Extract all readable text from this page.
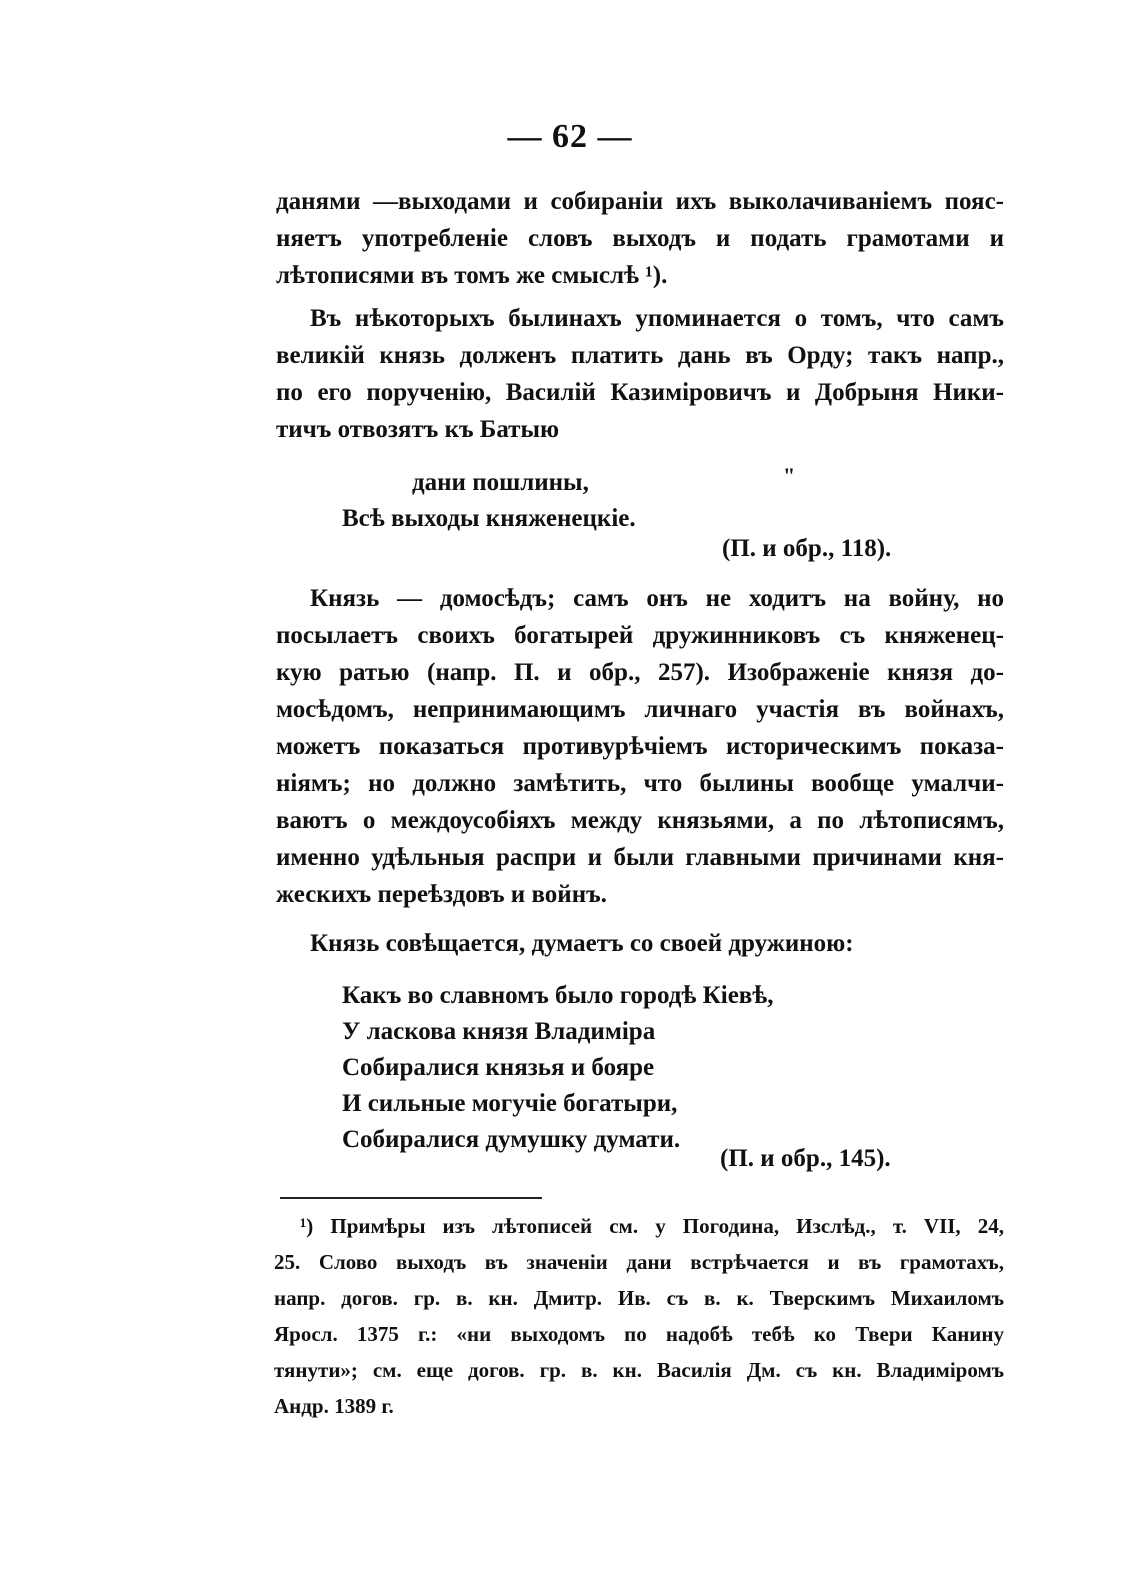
— 62 —

данями —выходами и собираніи ихъ выколачиваніемъ пояс-
няетъ употребленіе словъ выходъ и подать грамотами и
лѣтописями въ томъ же смыслѣ ¹).

Въ нѣкоторыхъ былинахъ упоминается о томъ, что самъ
великій князь долженъ платить дань въ Орду; такъ напр.,
по его порученію, Василій Казиміровичъ и Добрыня Ники-
тичъ отвозятъ къ Батыю

дани пошлины,
Всѣ выходы княженецкіе.
"
(П. и обр., 118).

Князь — домосѣдъ; самъ онъ не ходитъ на войну, но
посылаетъ своихъ богатырей дружинниковъ съ княженец-
кую ратью (напр. П. и обр., 257). Изображеніе князя до-
мосѣдомъ, непринимающимъ личнаго участія въ войнахъ,
можетъ показаться противурѣчіемъ историческимъ показа-
ніямъ; но должно замѣтить, что былины вообще умалчи-
ваютъ о междоусобіяхъ между князьями, а по лѣтописямъ,
именно удѣльныя распри и были главными причинами кня-
жескихъ переѣздовъ и войнъ.

Князь совѣщается, думаетъ со своей дружиною:

Какъ во славномъ было городѣ Кіевѣ,
У ласкова князя Владиміра
Собиралися князья и бояре
И сильные могучіе богатыри,
Собиралися думушку думати.
(П. и обр., 145).
¹) Примѣры изъ лѣтописей см. у Погодина, Изслѣд., т. VII, 24,
25. Слово выходъ въ значеніи дани встрѣчается и въ грамотахъ,
напр. догов. гр. в. кн. Дмитр. Ив. съ в. к. Тверскимъ Михаиломъ
Яросл. 1375 г.: «ни выходомъ по надобѣ тебѣ ко Твери Канину
тянути»; см. еще догов. гр. в. кн. Василія Дм. съ кн. Владиміромъ
Андр. 1389 г.
